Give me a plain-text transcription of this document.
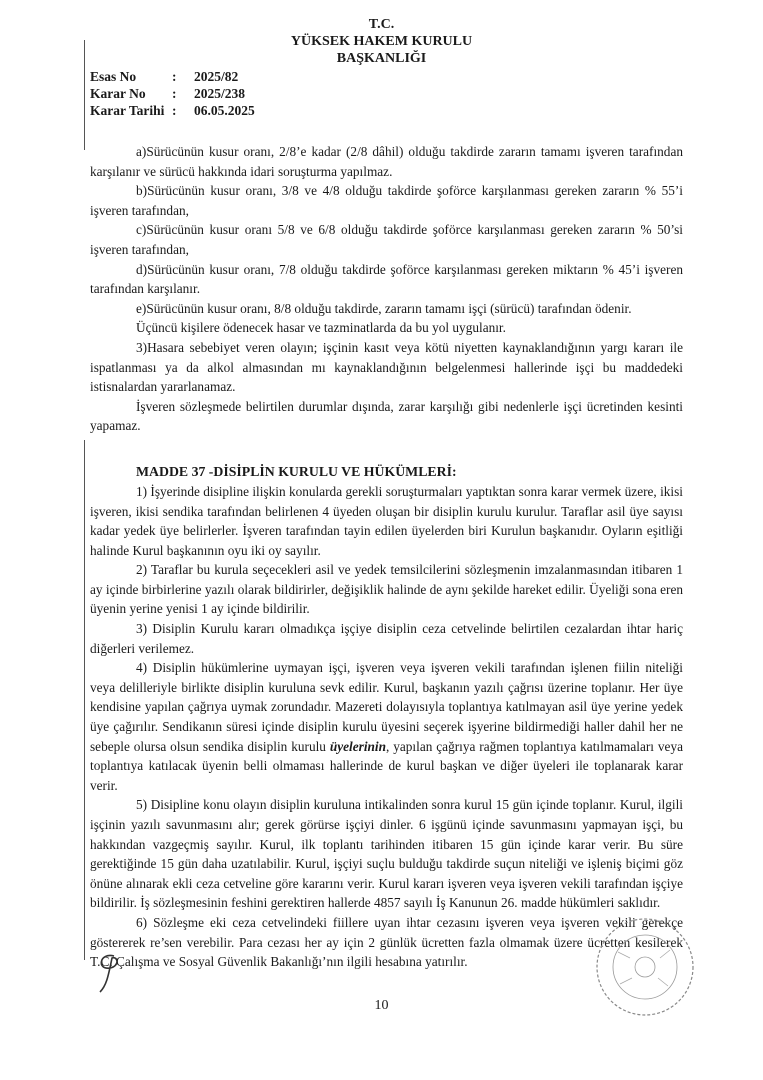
T.C.
YÜKSEK HAKEM KURULU
BAŞKANLIĞI
Esas No	:	2025/82
Karar No	:	2025/238
Karar Tarihi :	06.05.2025

a)Sürücünün kusur oranı, 2/8’e kadar (2/8 dâhil) olduğu takdirde zararın tamamı işveren tarafından karşılanır ve sürücü hakkında idari soruşturma yapılmaz.

b)Sürücünün kusur oranı, 3/8 ve 4/8 olduğu takdirde şoförce karşılanması gereken zararın % 55’i işveren tarafından,

c)Sürücünün kusur oranı 5/8 ve 6/8 olduğu takdirde şoförce karşılanması gereken zararın % 50’si işveren tarafından,

d)Sürücünün kusur oranı, 7/8 olduğu takdirde şoförce karşılanması gereken miktarın % 45’i işveren tarafından karşılanır.

e)Sürücünün kusur oranı, 8/8 olduğu takdirde, zararın tamamı işçi (sürücü) tarafından ödenir.

Üçüncü kişilere ödenecek hasar ve tazminatlarda da bu yol uygulanır.

3)Hasara sebebiyet veren olayın; işçinin kasıt veya kötü niyetten kaynaklandığının yargı kararı ile ispatlanması ya da alkol almasından mı kaynaklandığının belgelenmesi hallerinde işçi bu maddedeki istisnalardan yararlanamaz.

İşveren sözleşmede belirtilen durumlar dışında, zarar karşılığı gibi nedenlerle işçi ücretinden kesinti yapamaz.

MADDE 37 -DİSİPLİN KURULU VE HÜKÜMLERİ:

1) İşyerinde disipline ilişkin konularda gerekli soruşturmaları yaptıktan sonra karar vermek üzere, ikisi işveren, ikisi sendika tarafından belirlenen 4 üyeden oluşan bir disiplin kurulu kurulur. Taraflar asil üye sayısı kadar yedek üye belirlerler. İşveren tarafından tayin edilen üyelerden biri Kurulun başkanıdır. Oyların eşitliği halinde Kurul başkanının oyu iki oy sayılır.

2) Taraflar bu kurula seçecekleri asil ve yedek temsilcilerini sözleşmenin imzalanmasından itibaren 1 ay içinde birbirlerine yazılı olarak bildirirler, değişiklik halinde de aynı şekilde hareket edilir. Üyeliği sona eren üyenin yerine yenisi 1 ay içinde bildirilir.

3) Disiplin Kurulu kararı olmadıkça işçiye disiplin ceza cetvelinde belirtilen cezalardan ihtar hariç diğerleri verilemez.

4) Disiplin hükümlerine uymayan işçi, işveren veya işveren vekili tarafından işlenen fiilin niteliği veya delilleriyle birlikte disiplin kuruluna sevk edilir. Kurul, başkanın yazılı çağrısı üzerine toplanır. Her üye kendisine yapılan çağrıya uymak zorundadır. Mazereti dolayısıyla toplantıya katılmayan asil üye yerine yedek üye çağırılır. Sendikanın süresi içinde disiplin kurulu üyesini seçerek işyerine bildirmediği haller dahil her ne sebeple olursa olsun sendika disiplin kurulu üyelerinin, yapılan çağrıya rağmen toplantıya katılmamaları veya toplantıya katılacak üyenin belli olmaması hallerinde de kurul başkan ve diğer üyeleri ile toplanarak karar verir.

5) Disipline konu olayın disiplin kuruluna intikalinden sonra kurul 15 gün içinde toplanır. Kurul, ilgili işçinin yazılı savunmasını alır; gerek görürse işçiyi dinler. 6 işgünü içinde savunmasını yapmayan işçi, bu hakkından vazgeçmiş sayılır. Kurul, ilk toplantı tarihinden itibaren 15 gün içinde karar verir. Bu süre gerektiğinde 15 gün daha uzatılabilir. Kurul, işçiyi suçlu bulduğu takdirde suçun niteliği ve işleniş biçimi göz önüne alınarak ekli ceza cetveline göre kararını verir. Kurul kararı işveren veya işveren vekili tarafından işçiye bildirilir. İş sözleşmesinin feshini gerektiren hallerde 4857 sayılı İş Kanunun 26. madde hükümleri saklıdır.

6) Sözleşme eki ceza cetvelindeki fiillere uyan ihtar cezasını işveren veya işveren vekili gerekçe göstererek re’sen verebilir. Para cezası her ay için 2 günlük ücretten fazla olmamak üzere ücretten kesilerek T.C. Çalışma ve Sosyal Güvenlik Bakanlığı’nın ilgili hesabına yatırılır.

10
